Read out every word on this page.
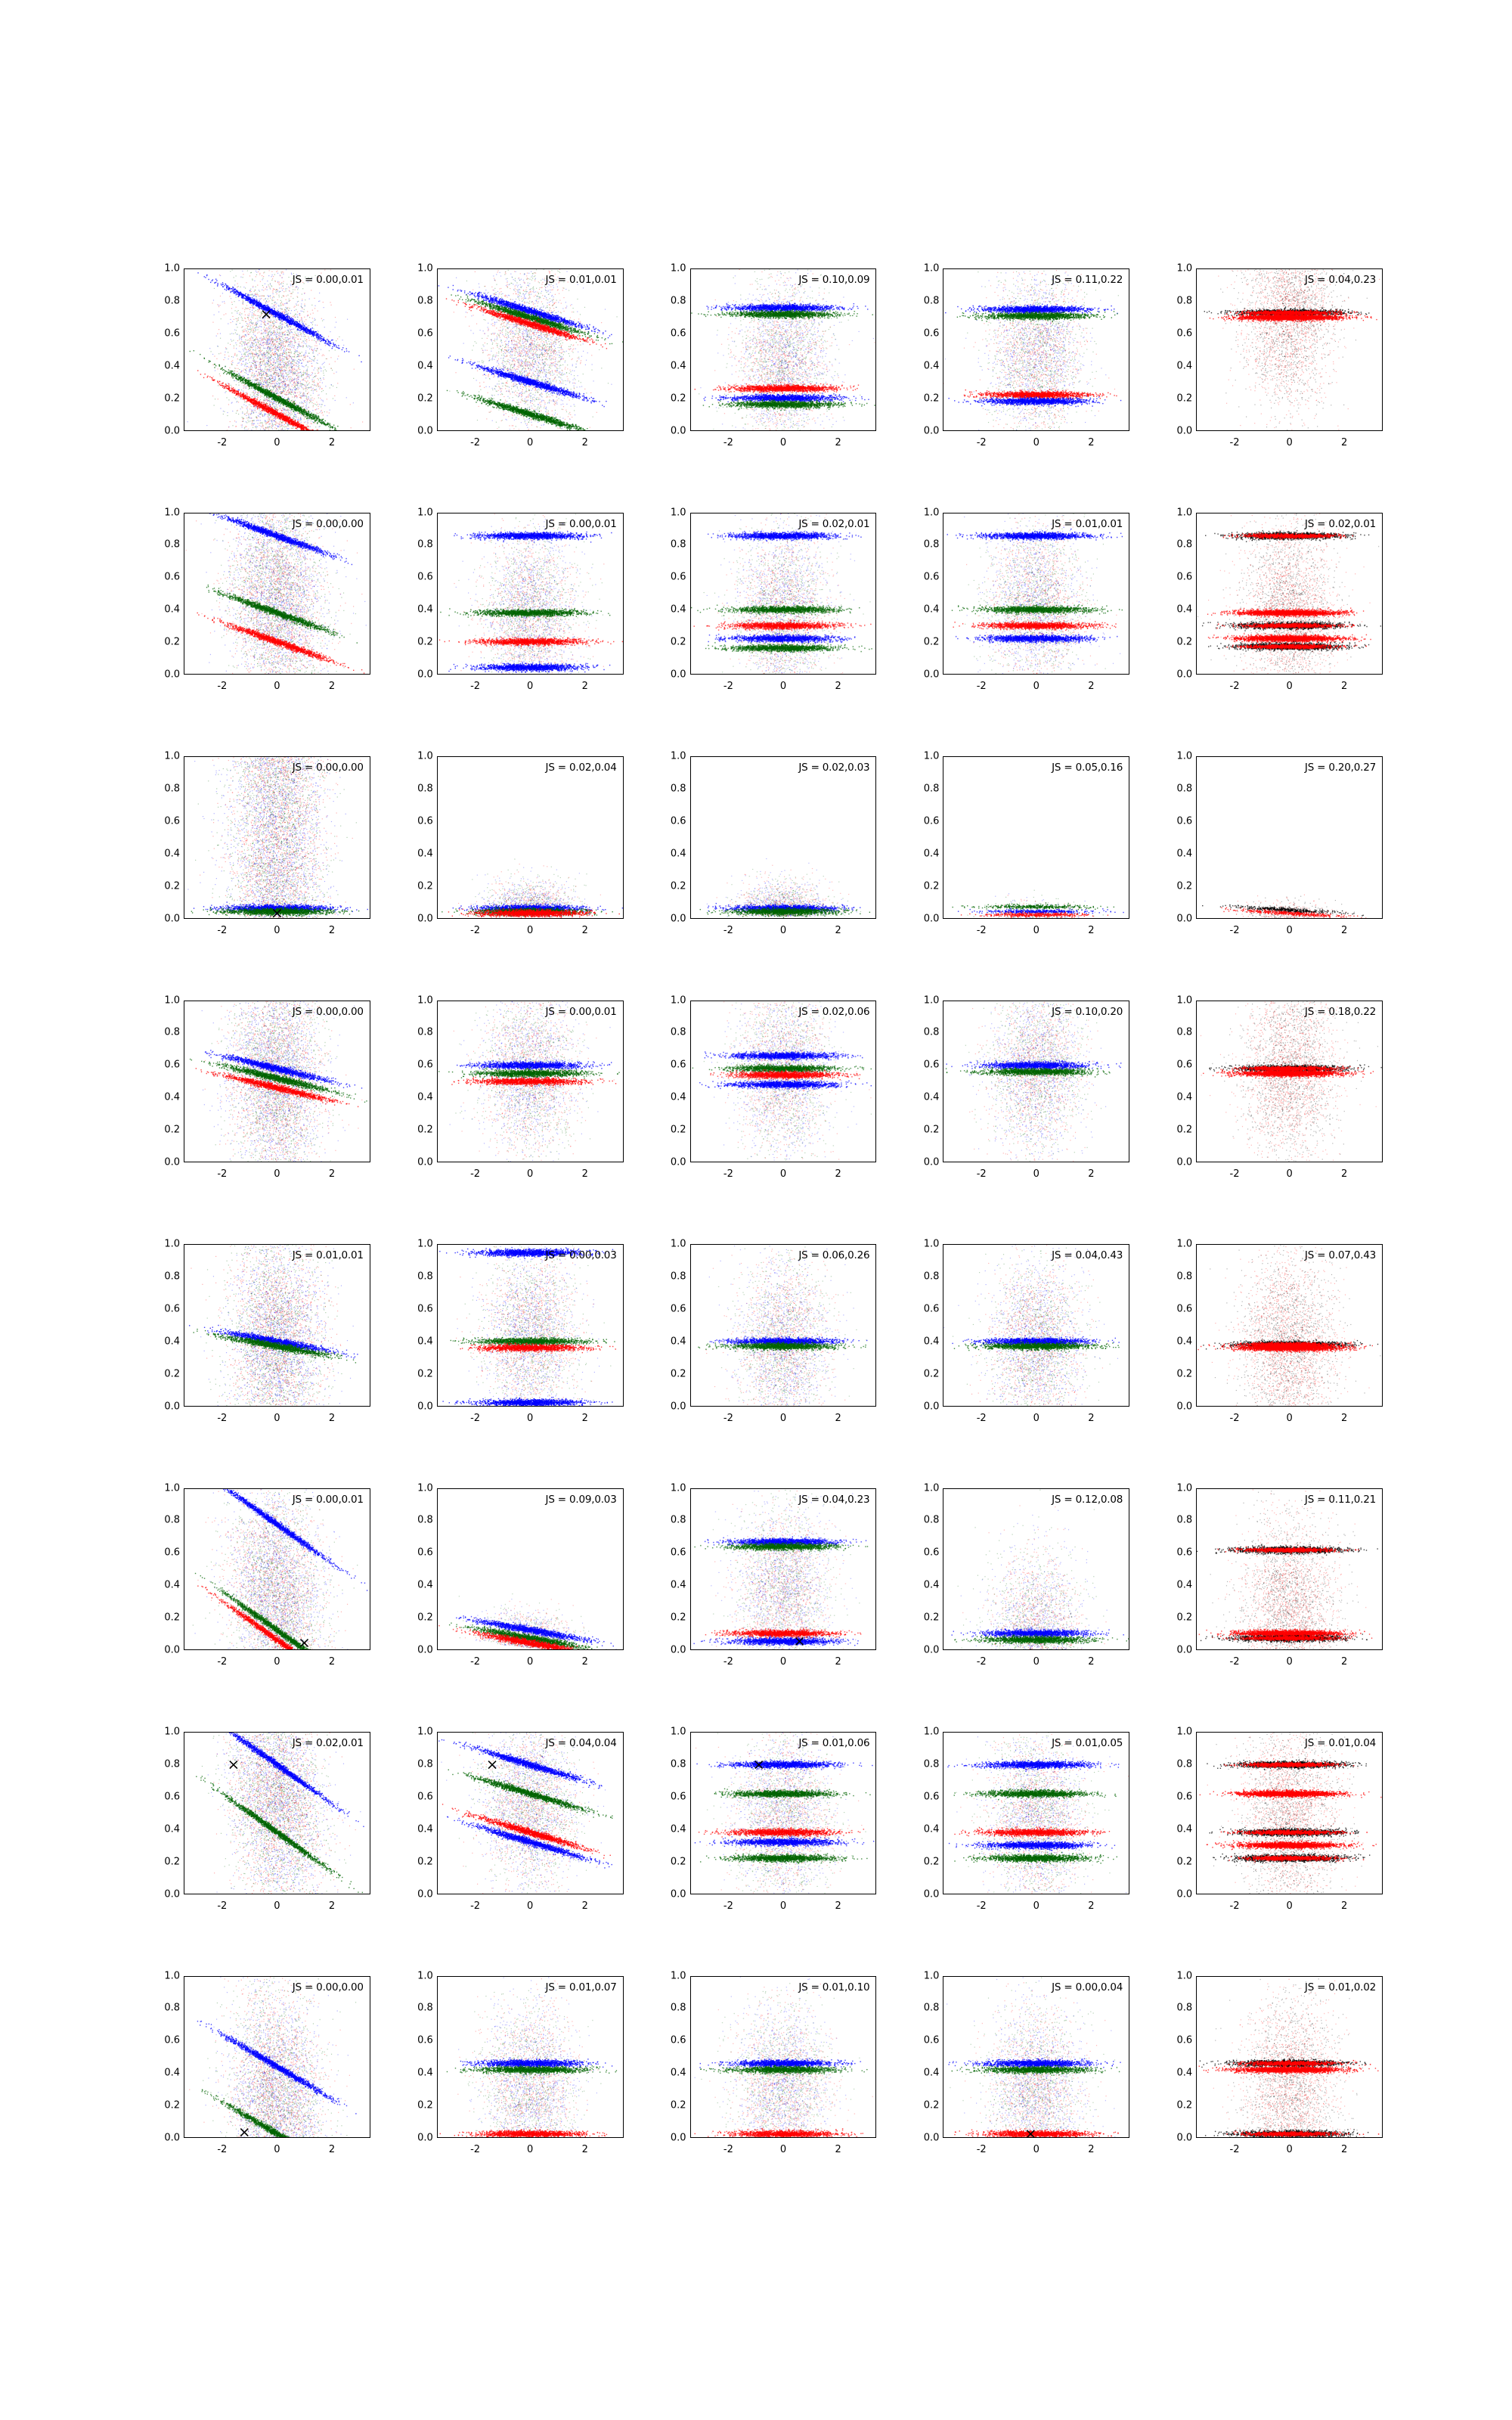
JS = 0.00,0.01
0.0
0.2
0.4
0.6
0.8
1.0
-2	0	2
JS = 0.01,0.01
0.0
0.2
0.4
0.6
0.8
1.0
-2	0	2
JS = 0.10,0.09
0.0
0.2
0.4
0.6
0.8
1.0
-2	0	2
JS = 0.11,0.22
0.0
0.2
0.4
0.6
0.8
1.0
-2	0	2
JS = 0.04,0.23
0.0
0.2
0.4
0.6
0.8
1.0
-2	0	2
JS = 0.00,0.00
0.0
0.2
0.4
0.6
0.8
1.0
-2	0	2
JS = 0.00,0.01
0.0
0.2
0.4
0.6
0.8
1.0
-2	0	2
JS = 0.02,0.01
0.0
0.2
0.4
0.6
0.8
1.0
-2	0	2
JS = 0.01,0.01
0.0
0.2
0.4
0.6
0.8
1.0
-2	0	2
JS = 0.02,0.01
0.0
0.2
0.4
0.6
0.8
1.0
-2	0	2
JS = 0.00,0.00
0.0
0.2
0.4
0.6
0.8
1.0
-2	0	2
JS = 0.02,0.04
0.0
0.2
0.4
0.6
0.8
1.0
-2	0	2
JS = 0.02,0.03
0.0
0.2
0.4
0.6
0.8
1.0
-2	0	2
JS = 0.05,0.16
0.0
0.2
0.4
0.6
0.8
1.0
-2	0	2
JS = 0.20,0.27
0.0
0.2
0.4
0.6
0.8
1.0
-2	0	2
JS = 0.00,0.00
0.0
0.2
0.4
0.6
0.8
1.0
-2	0	2
JS = 0.00,0.01
0.0
0.2
0.4
0.6
0.8
1.0
-2	0	2
JS = 0.02,0.06
0.0
0.2
0.4
0.6
0.8
1.0
-2	0	2
JS = 0.10,0.20
0.0
0.2
0.4
0.6
0.8
1.0
-2	0	2
JS = 0.18,0.22
0.0
0.2
0.4
0.6
0.8
1.0
-2	0	2
JS = 0.01,0.01
0.0
0.2
0.4
0.6
0.8
1.0
-2	0	2
JS = 0.00,0.03
0.0
0.2
0.4
0.6
0.8
1.0
-2	0	2
JS = 0.06,0.26
0.0
0.2
0.4
0.6
0.8
1.0
-2	0	2
JS = 0.04,0.43
0.0
0.2
0.4
0.6
0.8
1.0
-2	0	2
JS = 0.07,0.43
0.0
0.2
0.4
0.6
0.8
1.0
-2	0	2
JS = 0.00,0.01
0.0
0.2
0.4
0.6
0.8
1.0
-2	0	2
JS = 0.09,0.03
0.0
0.2
0.4
0.6
0.8
1.0
-2	0	2
JS = 0.04,0.23
0.0
0.2
0.4
0.6
0.8
1.0
-2	0	2
JS = 0.12,0.08
0.0
0.2
0.4
0.6
0.8
1.0
-2	0	2
JS = 0.11,0.21
0.0
0.2
0.4
0.6
0.8
1.0
-2	0	2
JS = 0.02,0.01
0.0
0.2
0.4
0.6
0.8
1.0
-2	0	2
JS = 0.04,0.04
0.0
0.2
0.4
0.6
0.8
1.0
-2	0	2
JS = 0.01,0.06
0.0
0.2
0.4
0.6
0.8
1.0
-2	0	2
JS = 0.01,0.05
0.0
0.2
0.4
0.6
0.8
1.0
-2	0	2
JS = 0.01,0.04
0.0
0.2
0.4
0.6
0.8
1.0
-2	0	2
JS = 0.00,0.00
0.0
0.2
0.4
0.6
0.8
1.0
-2	0	2
JS = 0.01,0.07
0.0
0.2
0.4
0.6
0.8
1.0
-2	0	2
JS = 0.01,0.10
0.0
0.2
0.4
0.6
0.8
1.0
-2	0	2
JS = 0.00,0.04
0.0
0.2
0.4
0.6
0.8
1.0
-2	0	2
JS = 0.01,0.02
0.0
0.2
0.4
0.6
0.8
1.0
-2	0	2
